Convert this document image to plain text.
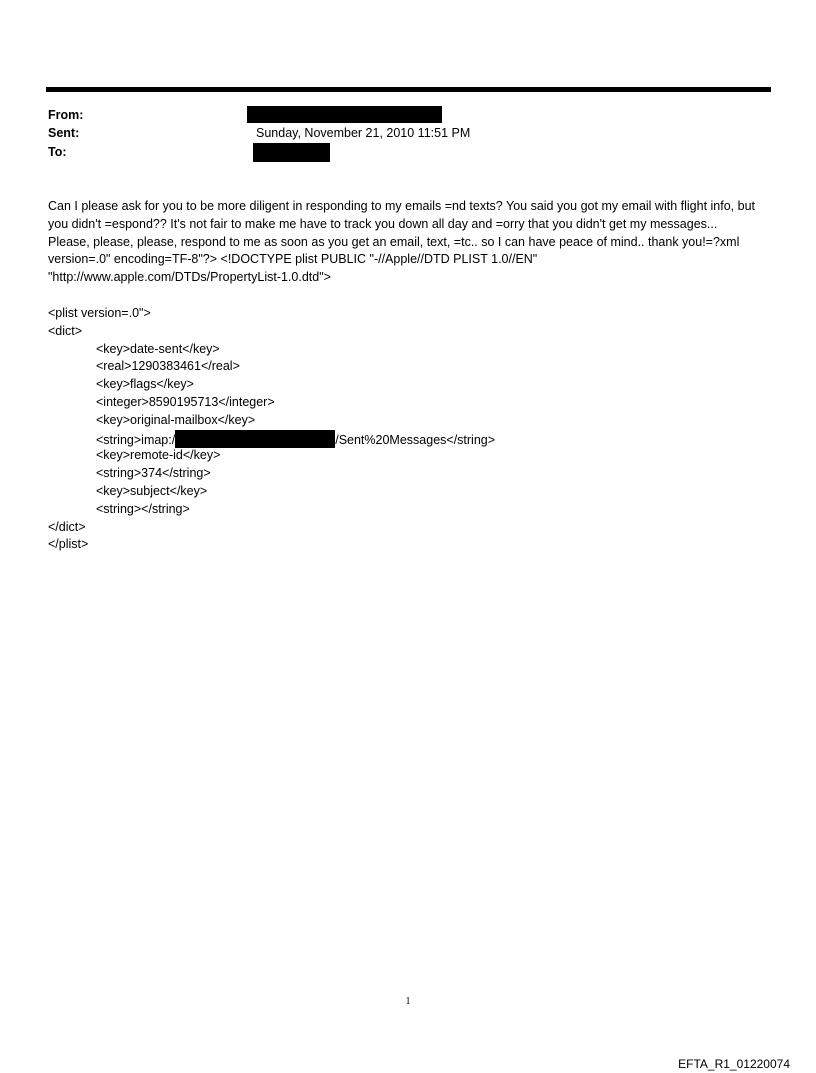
From:
Sent:	Sunday, November 21, 2010 11:51 PM
To:

Can I please ask for you to be more diligent in responding to my emails =nd texts? You said you got my email with flight info, but you didn't =espond?? It's not fair to make me have to track you down all day and =orry that you didn't get my messages...

Please, please, please, respond to me as soon as you get an email, text, =tc.. so I can have peace of mind.. thank you!=?xml version=.0" encoding=TF-8"?> <!DOCTYPE plist PUBLIC "-//Apple//DTD PLIST 1.0//EN" "http://www.apple.com/DTDs/PropertyList-1.0.dtd">

<plist version=.0">
<dict>
<key>date-sent</key>
<real>1290383461</real>
<key>flags</key>
<integer>8590195713</integer>
<key>original-mailbox</key>
<string>imap:/	/Sent%20Messages</string>
<key>remote-id</key>
<string>374</string>
<key>subject</key>
<string></string>
</dict>
</plist>
1
EFTA_R1_01220074
